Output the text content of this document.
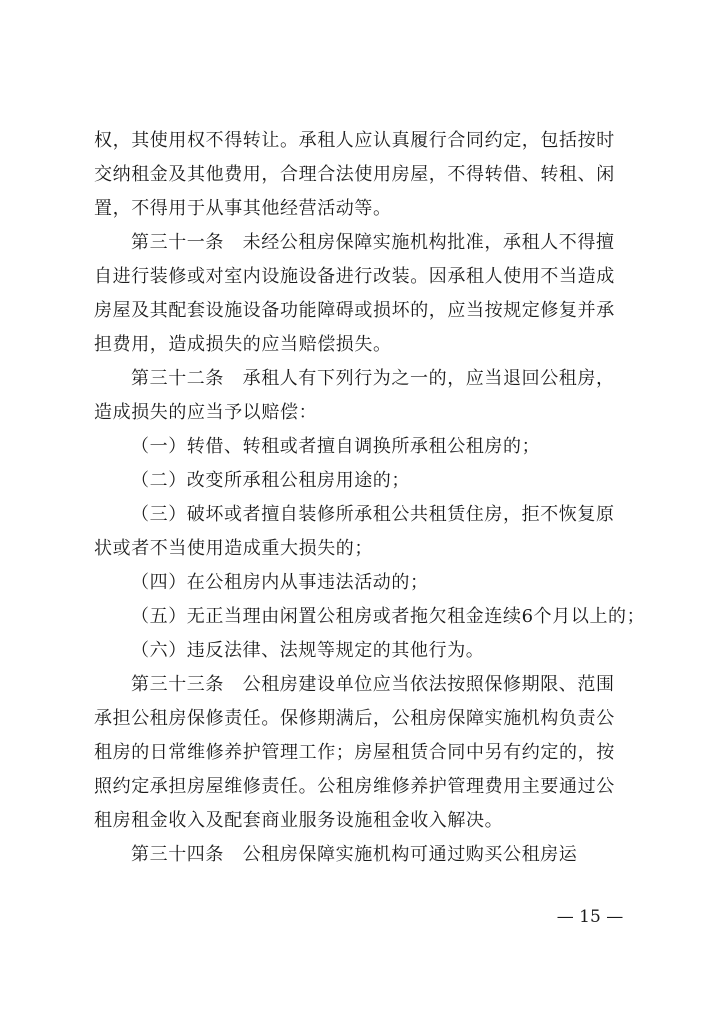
权，其使用权不得转让。承租人应认真履行合同约定，包括按时
交纳租金及其他费用，合理合法使用房屋，不得转借、转租、闲
置，不得用于从事其他经营活动等。
第三十一条　未经公租房保障实施机构批准，承租人不得擅
自进行装修或对室内设施设备进行改装。因承租人使用不当造成
房屋及其配套设施设备功能障碍或损坏的，应当按规定修复并承
担费用，造成损失的应当赔偿损失。
第三十二条　承租人有下列行为之一的，应当退回公租房，
造成损失的应当予以赔偿：
（一）转借、转租或者擅自调换所承租公租房的；
（二）改变所承租公租房用途的；
（三）破坏或者擅自装修所承租公共租赁住房，拒不恢复原
状或者不当使用造成重大损失的；
（四）在公租房内从事违法活动的；
（五）无正当理由闲置公租房或者拖欠租金连续6个月以上的；
（六）违反法律、法规等规定的其他行为。
第三十三条　公租房建设单位应当依法按照保修期限、范围
承担公租房保修责任。保修期满后，公租房保障实施机构负责公
租房的日常维修养护管理工作；房屋租赁合同中另有约定的，按
照约定承担房屋维修责任。公租房维修养护管理费用主要通过公
租房租金收入及配套商业服务设施租金收入解决。
第三十四条　公租房保障实施机构可通过购买公租房运
— 15 —
